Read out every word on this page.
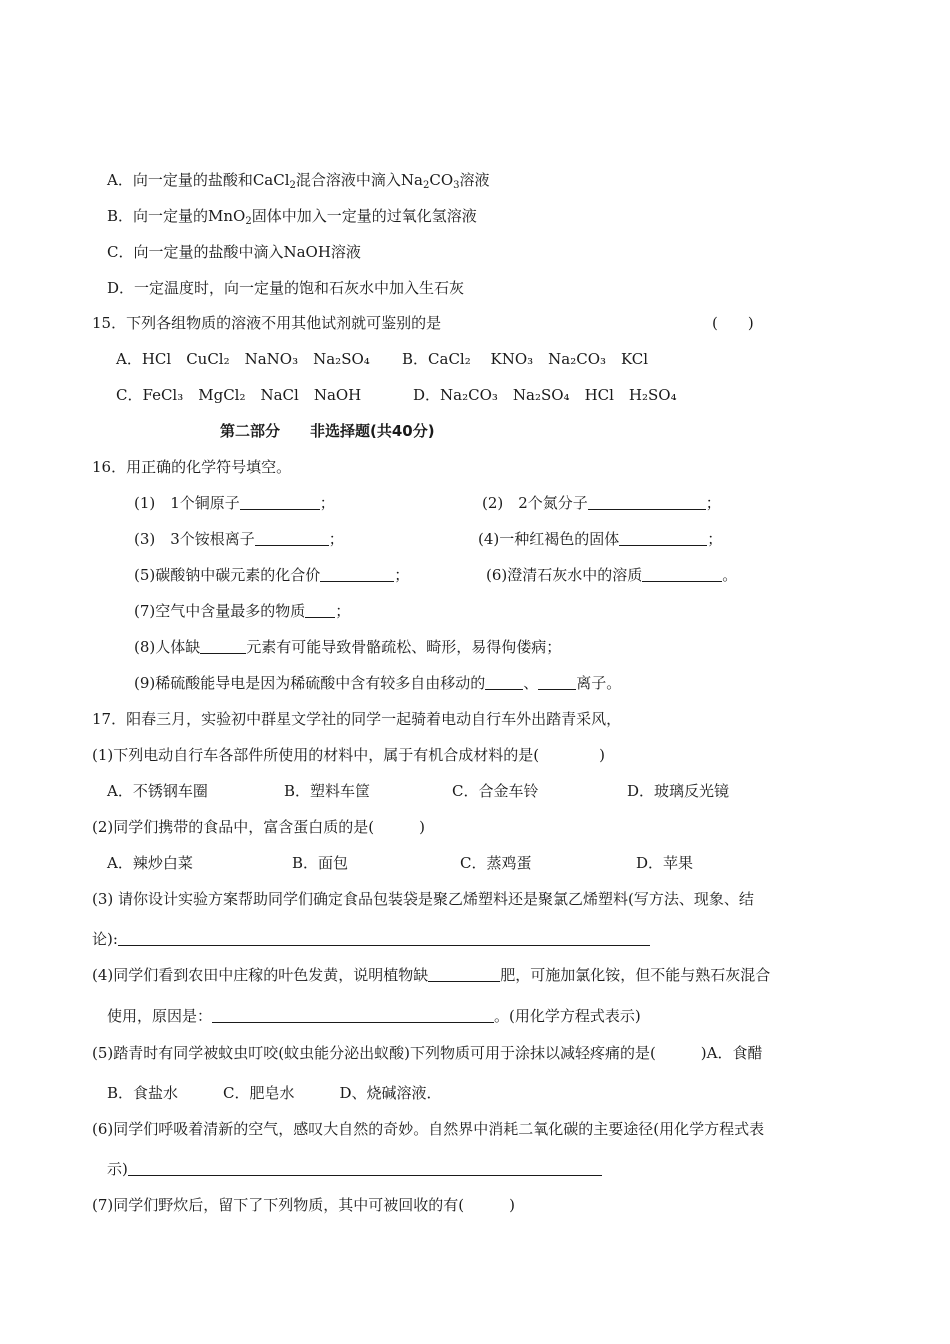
A．向一定量的盐酸和CaCl$_2$混合溶液中滴入$Na_2CO_3$溶液
B．向一定量的MnO$_2$固体中加入一定量的过氧化氢溶液
C．向一定量的盐酸中滴入NaOH溶液
D．一定温度时，向一定量的饱和石灰水中加入生石灰
15．下列各组物质的溶液不用其他试剂就可鉴别的是	(　　)
A．HCl　CuCl₂　NaNO₃　Na₂SO₄ B．CaCl₂　 KNO₃　Na₂CO₃　KCl
C．FeCl₃　MgCl₂　NaCl　NaOH	D．Na₂CO₃　Na₂SO₄　HCl　H₂SO₄
第二部分　　非选择题(共40分)
16．用正确的化学符号填空。
(1)　1个铜原子	；	(2)　2个氮分子	；
(3)　3个铵根离子	；	(4)一种红褐色的固体	；
(5)碳酸钠中碳元素的化合价	；	(6)澄清石灰水中的溶质	。
(7)空气中含量最多的物质 ；
(8)人体缺	元素有可能导致骨骼疏松、畸形，易得佝偻病；
(9)稀硫酸能导电是因为稀硫酸中含有较多自由移动的	、	离子。
17．阳春三月，实验初中群星文学社的同学一起骑着电动自行车外出踏青采风，
(1)下列电动自行车各部件所使用的材料中，属于有机合成材料的是(　　　　)
A．不锈钢车圈	B．塑料车筐	C．合金车铃	D．玻璃反光镜
(2)同学们携带的食品中，富含蛋白质的是(　　　)
A．辣炒白菜	B．面包	C．蒸鸡蛋	D．苹果
(3) 请你设计实验方案帮助同学们确定食品包装袋是聚乙烯塑料还是聚氯乙烯塑料(写方法、现象、结
论):
(4)同学们看到农田中庄稼的叶色发黄，说明植物缺	肥，可施加氯化铵，但不能与熟石灰混合
使用，原因是：	。(用化学方程式表示)
(5)踏青时有同学被蚊虫叮咬(蚊虫能分泌出蚁酸)下列物质可用于涂抹以减轻疼痛的是(　　　)A．食醋
B．食盐水　　　C．肥皂水　　　D、烧碱溶液．
(6)同学们呼吸着清新的空气，感叹大自然的奇妙。自然界中消耗二氧化碳的主要途径(用化学方程式表
示)
(7)同学们野炊后，留下了下列物质，其中可被回收的有(　　　)
